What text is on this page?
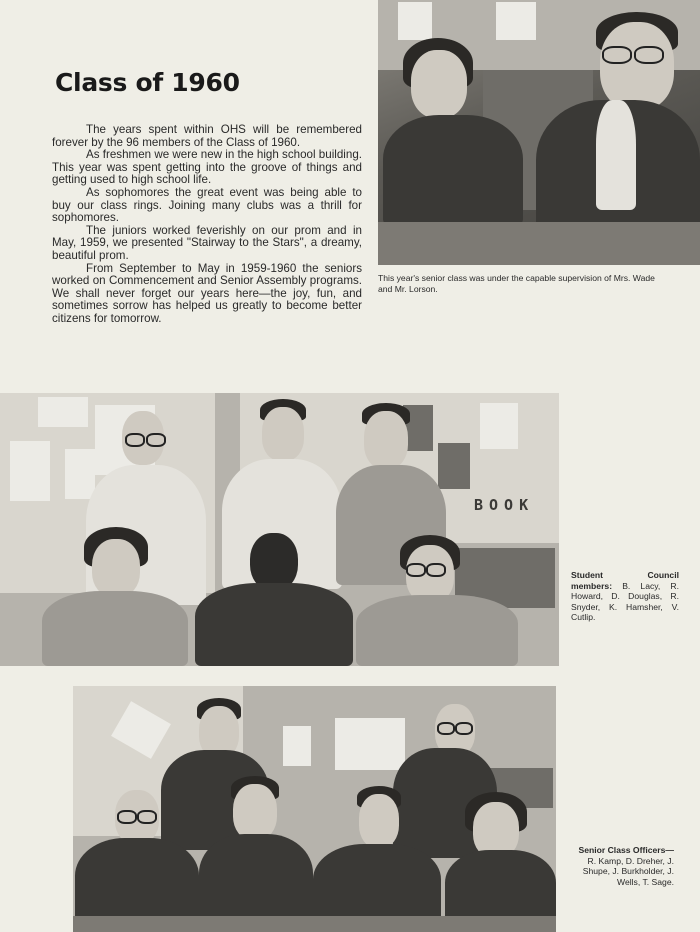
Class of 1960

The years spent within OHS will be remembered forever by the 96 members of the Class of 1960.

As freshmen we were new in the high school building. This year was spent getting into the groove of things and getting used to high school life.

As sophomores the great event was being able to buy our class rings. Joining many clubs was a thrill for sophomores.

The juniors worked feverishly on our prom and in May, 1959, we presented "Stairway to the Stars", a dreamy, beautiful prom.

From September to May in 1959-1960 the seniors worked on Commencement and Senior Assembly programs. We shall never forget our years here—the joy, fun, and sometimes sorrow has helped us greatly to become better citizens for tomorrow.

This year's senior class was under the capable supervision of Mrs. Wade and Mr. Lorson.
BOOK
Student Council members: B. Lacy, R. Howard, D. Douglas, R. Snyder, K. Hamsher, V. Cutlip.
Senior Class Officers— R. Kamp, D. Dreher, J. Shupe, J. Burkholder, J. Wells, T. Sage.
